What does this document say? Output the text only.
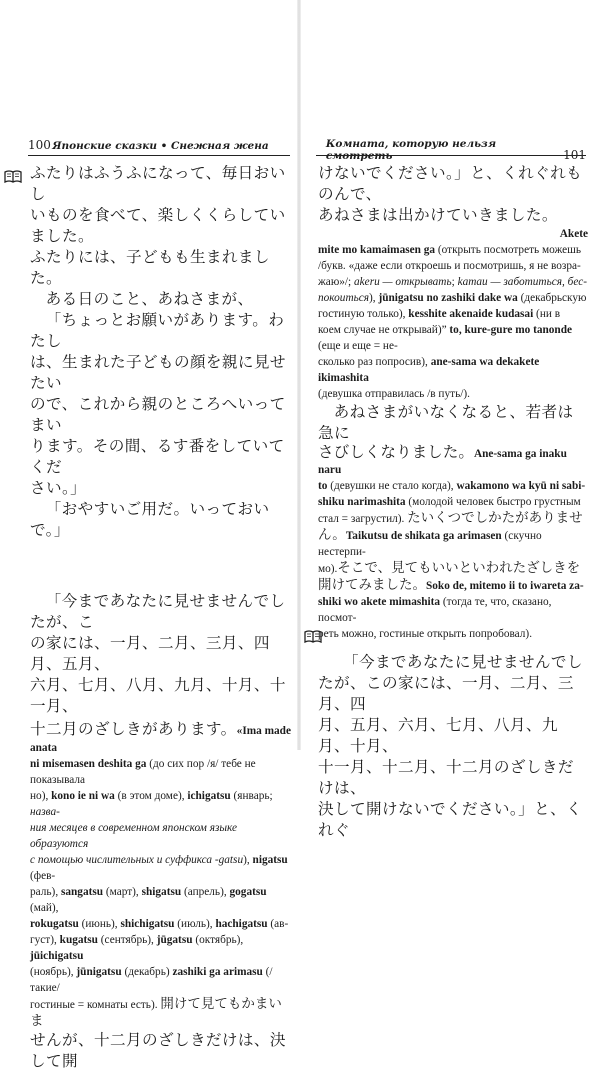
100 Японские сказки • Снежная жена

ふたりはふうふになって、毎日おいし

いものを食べて、楽しくくらしていました。

ふたりには、子どもも生まれました。

ある日のこと、あねさまが、

「ちょっとお願いがあります。わたし

は、生まれた子どもの顔を親に見せたい

ので、これから親のところへいってまい

ります。その間、るす番をしていてくだ

さい。」

「おやすいご用だ。いっておいで。」

「今まであなたに見せませんでしたが、こ

の家には、一月、二月、三月、四月、五月、

六月、七月、八月、九月、十月、十一月、

十二月のざしきがあります。«Ima made anata

ni misemasen deshita ga (до сих пор /я/ тебе не показывалa

но), kono ie ni wa (в этом доме), ichigatsu (январь; назва-

ния месяцев в современном японском языке образуются

с помощью числительных и суффикса -gatsu), nigatsu (фев-

раль), sangatsu (март), shigatsu (апрель), gogatsu (май),

rokugatsu (июнь), shichigatsu (июль), hachigatsu (ав-

густ), kugatsu (сентябрь), jūgatsu (октябрь), jūichigatsu

(ноябрь), jūnigatsu (декабрь) zashiki ga arimasu (/такие/

гостиные = комнаты есть). 開けて見てもかまいま

せんが、十二月のざしきだけは、決して開

Комната, которую нельзя смотреть	101

けないでください。」と、くれぐれものんで、

あねさまは出かけていきました。

Akete

mite mo kamaimasen ga (открыть посмотреть можешь

/букв. «даже если откроешь и посмотришь, я не возра-

жаю»/; akeru — открывать; kamau — заботиться, бес-

покоиться), jūnigatsu no zashiki dake wa (декабрьскую

гостиную только), kesshite akenaide kudasai (ни в

коем случае не открывай)” to, kure-gure mo tanonde (еще и еще = не-

сколько раз попросив), ane-sama wa dekakete ikimashita

(девушка отправилась /в путь/).

あねさまがいなくなると、若者は急に

さびしくなりました。Ane-sama ga inaku naru

to (девушки не стало когда), wakamono wa kyū ni sabi-

shiku narimashita (молодой человек быстро грустным

стал = загрустил). たいくつでしかたがありませ

ん。Taikutsu de shikata ga arimasen (скучно нестерпи-

мо).そこで、見てもいいといわれたざしきを

開けてみました。Soko de, mitemo ii to iwareta za-

shiki wo akete mimashita (тогда те, что, сказано, посмот-

реть можно, гостиные открыть попробовал).

「今まであなたに見せませんでし

たが、この家には、一月、二月、三月、四

月、五月、六月、七月、八月、九月、十月、

十一月、十二月、十二月のざしきだけは、

決して開けないでください。」と、くれぐ
